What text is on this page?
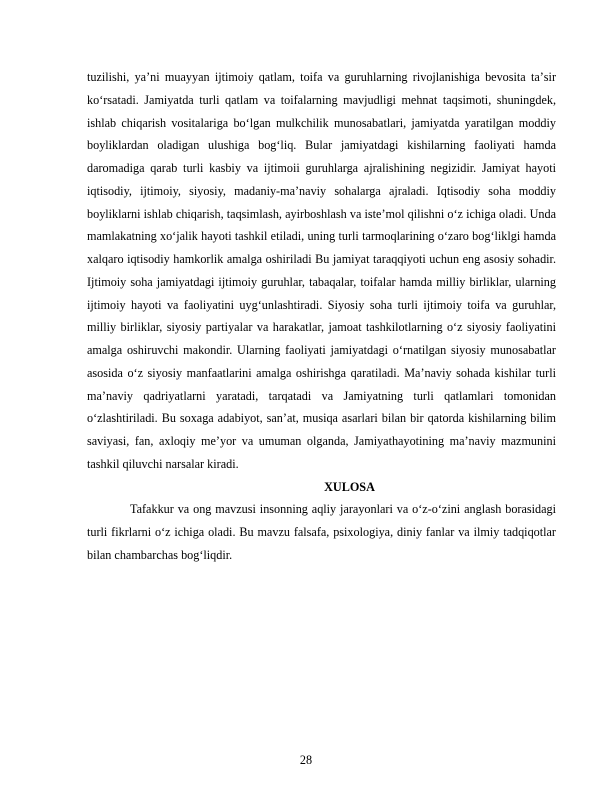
tuzilishi, yaʼni muayyan ijtimoiy qatlam, toifa va guruhlarning rivojlanishiga bevosita taʼsir koʻrsatadi. Jamiyatda turli qatlam va toifalarning mavjudligi mehnat taqsimoti, shuningdek, ishlab chiqarish vositalariga boʻlgan mulkchilik munosabatlari, jamiyatda yaratilgan moddiy boyliklardan oladigan ulushiga bogʻliq. Bular jamiyatdagi kishilarning faoliyati hamda daromadiga qarab turli kasbiy va ijtimoii guruhlarga ajralishining negizidir. Jamiyat hayoti iqtisodiy, ijtimoiy, siyosiy, madaniy-maʼnaviy sohalarga ajraladi. Iqtisodiy soha moddiy boyliklarni ishlab chiqarish, taqsimlash, ayirboshlash va isteʼmol qilishni oʻz ichiga oladi. Unda mamlakatning xoʻjalik hayoti tashkil etiladi, uning turli tarmoqlarining oʻzaro bogʻliklgi hamda xalqaro iqtisodiy hamkorlik amalga oshiriladi Bu jamiyat taraqqiyoti uchun eng asosiy sohadir. Ijtimoiy soha jamiyatdagi ijtimoiy guruhlar, tabaqalar, toifalar hamda milliy birliklar, ularning ijtimoiy hayoti va faoliyatini uygʻunlashtiradi. Siyosiy soha turli ijtimoiy toifa va guruhlar, milliy birliklar, siyosiy partiyalar va harakatlar, jamoat tashkilotlarning oʻz siyosiy faoliyatini amalga oshiruvchi makondir. Ularning faoliyati jamiyatdagi oʻrnatilgan siyosiy munosabatlar asosida oʻz siyosiy manfaatlarini amalga oshirishga qaratiladi. Maʼnaviy sohada kishilar turli maʼnaviy qadriyatlarni yaratadi, tarqatadi va Jamiyatning turli qatlamlari tomonidan oʻzlashtiriladi. Bu soxaga adabiyot, sanʼat, musiqa asarlari bilan bir qatorda kishilarning bilim saviyasi, fan, axloqiy meʼyor va umuman olganda, Jamiyathayotining maʼnaviy mazmunini tashkil qiluvchi narsalar kiradi.

XULOSA

Tafakkur va ong mavzusi insonning aqliy jarayonlari va oʻz-oʻzini anglash borasidagi turli fikrlarni oʻz ichiga oladi. Bu mavzu falsafa, psixologiya, diniy fanlar va ilmiy tadqiqotlar bilan chambarchas bogʻliqdir.

28
